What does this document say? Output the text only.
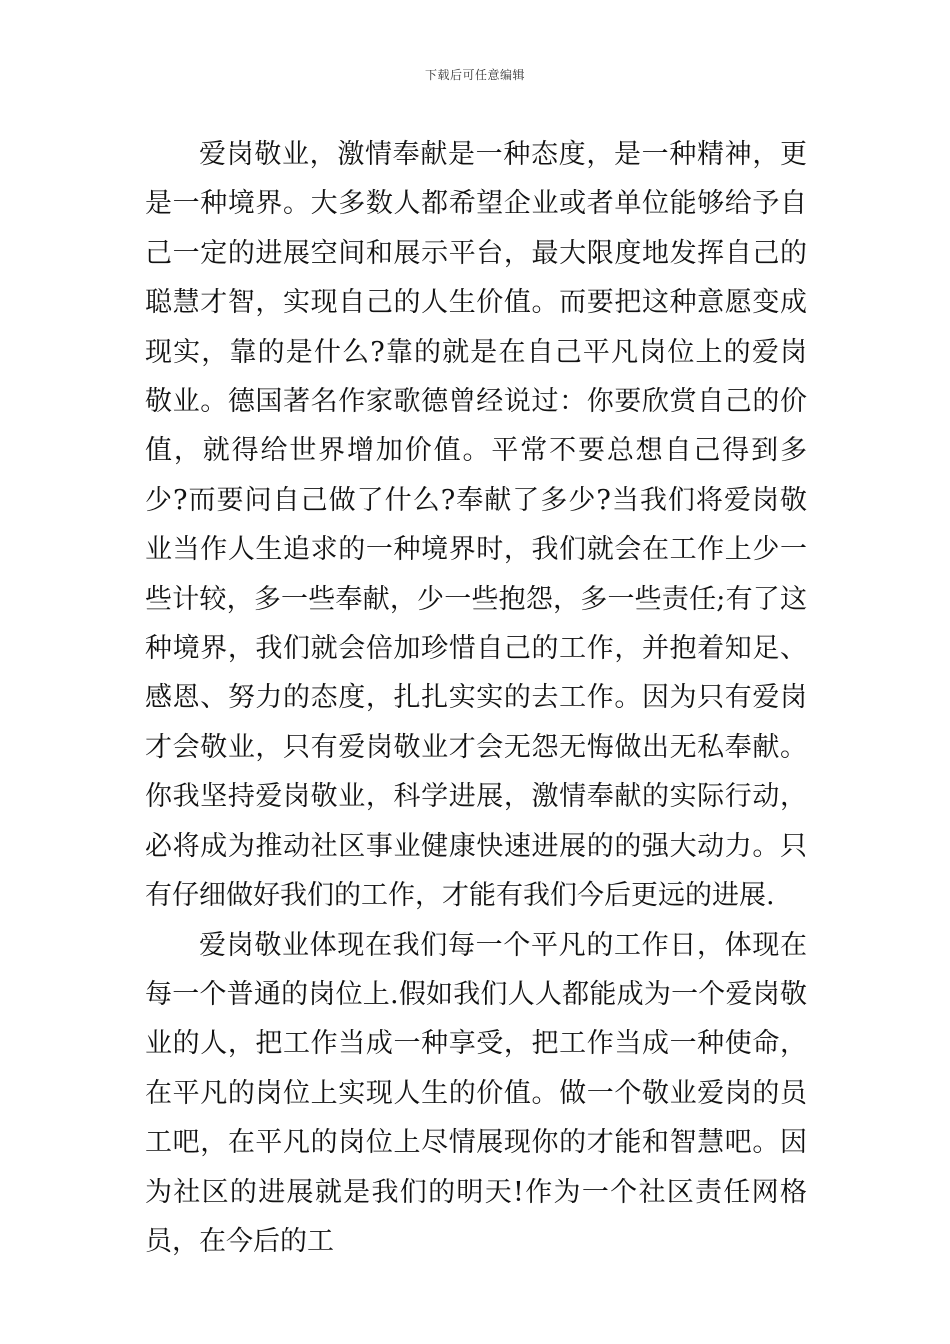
下载后可任意编辑

爱岗敬业，激情奉献是一种态度，是一种精神，更是一种境界。大多数人都希望企业或者单位能够给予自己一定的进展空间和展示平台，最大限度地发挥自己的聪慧才智，实现自己的人生价值。而要把这种意愿变成现实，靠的是什么?靠的就是在自己平凡岗位上的爱岗敬业。德国著名作家歌德曾经说过：你要欣赏自己的价值，就得给世界增加价值。平常不要总想自己得到多少?而要问自己做了什么?奉献了多少?当我们将爱岗敬业当作人生追求的一种境界时，我们就会在工作上少一些计较，多一些奉献，少一些抱怨，多一些责任;有了这种境界，我们就会倍加珍惜自己的工作，并抱着知足、感恩、努力的态度，扎扎实实的去工作。因为只有爱岗才会敬业，只有爱岗敬业才会无怨无悔做出无私奉献。你我坚持爱岗敬业，科学进展，激情奉献的实际行动，必将成为推动社区事业健康快速进展的的强大动力。只有仔细做好我们的工作，才能有我们今后更远的进展.

爱岗敬业体现在我们每一个平凡的工作日，体现在每一个普通的岗位上.假如我们人人都能成为一个爱岗敬业的人，把工作当成一种享受，把工作当成一种使命，在平凡的岗位上实现人生的价值。做一个敬业爱岗的员工吧，在平凡的岗位上尽情展现你的才能和智慧吧。因为社区的进展就是我们的明天!作为一个社区责任网格员，在今后的工
